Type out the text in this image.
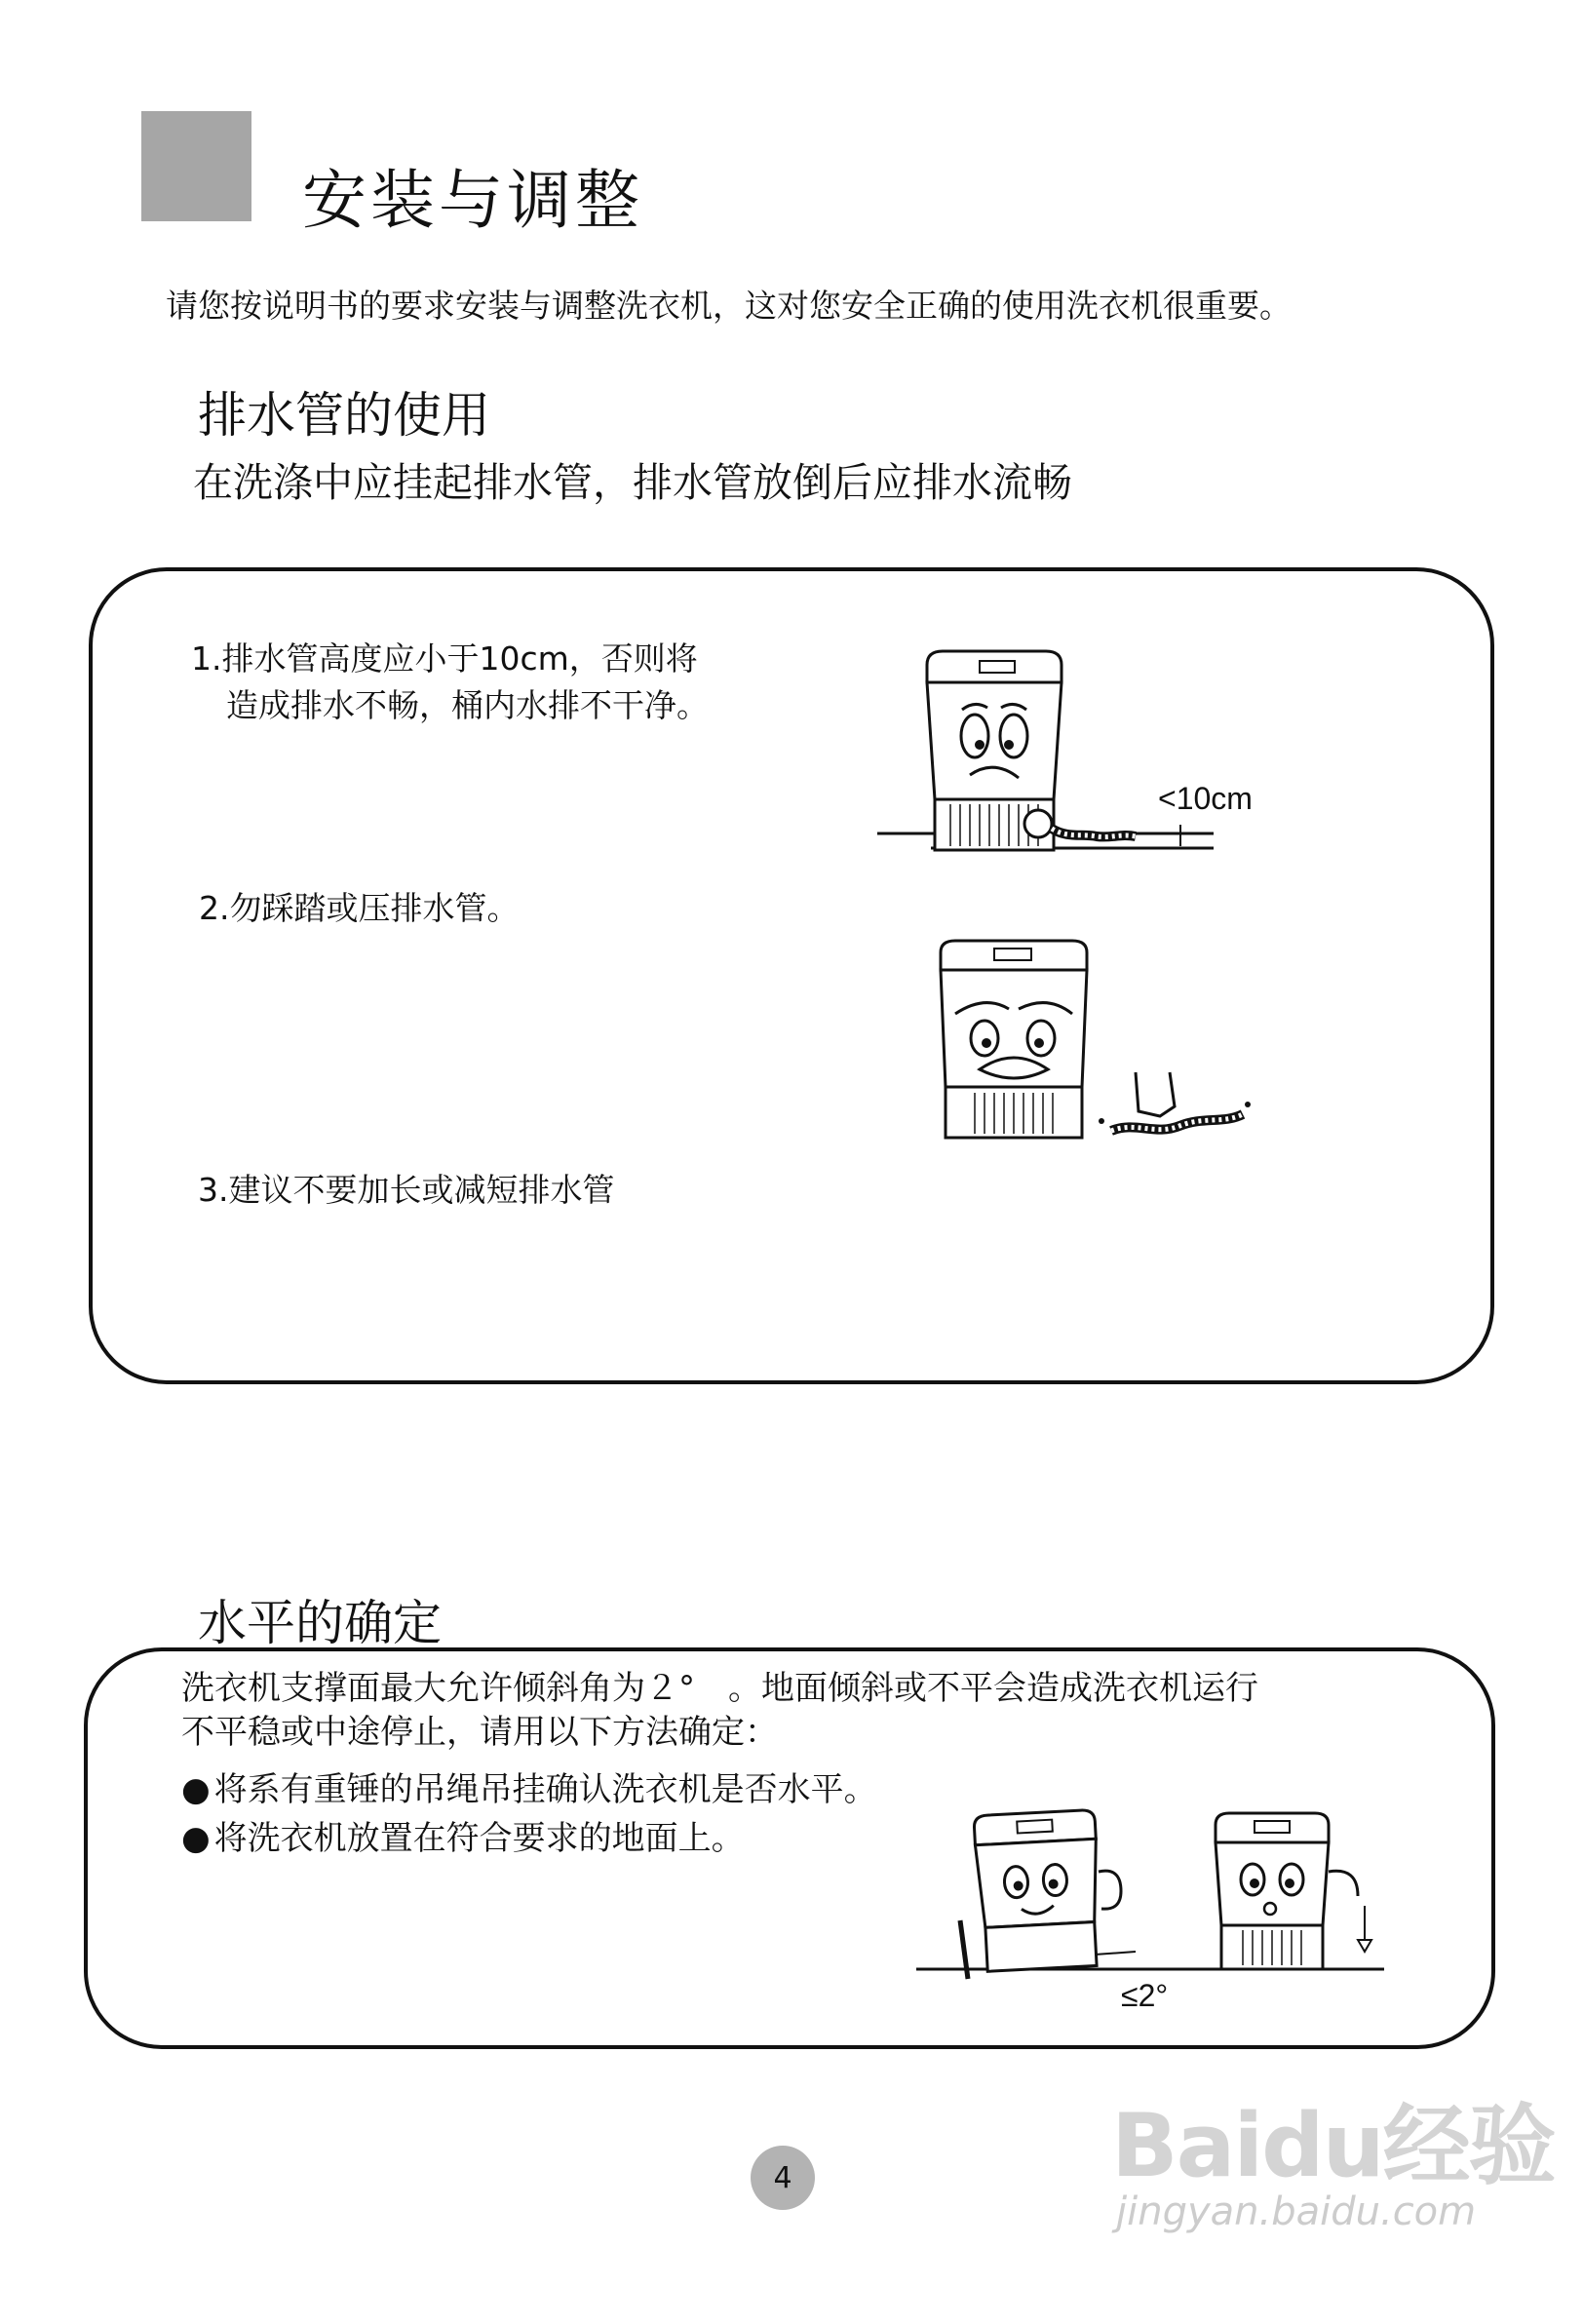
安装与调整
请您按说明书的要求安装与调整洗衣机，这对您安全正确的使用洗衣机很重要。
排水管的使用
在洗涤中应挂起排水管，排水管放倒后应排水流畅
1.排水管高度应小于10cm，否则将
造成排水不畅，桶内水排不干净。
2.勿踩踏或压排水管。
3.建议不要加长或减短排水管
<10cm
水平的确定
洗衣机支撑面最大允许倾斜角为２°　。地面倾斜或不平会造成洗衣机运行
不平稳或中途停止，请用以下方法确定：
● 将系有重锤的吊绳吊挂确认洗衣机是否水平。
● 将洗衣机放置在符合要求的地面上。
≤2°
4	Baidu经验
jingyan.baidu.com
